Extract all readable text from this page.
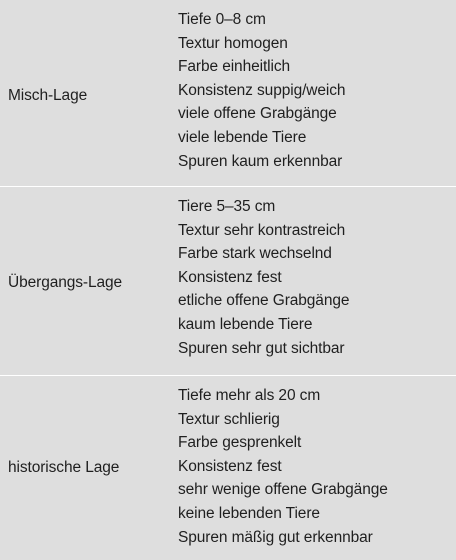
Misch-Lage
Tiefe 0–8 cm
Textur homogen
Farbe einheitlich
Konsistenz suppig/weich
viele offene Grabgänge
viele lebende Tiere
Spuren kaum erkennbar
Übergangs-Lage
Tiere 5–35 cm
Textur sehr kontrastreich
Farbe stark wechselnd
Konsistenz fest
etliche offene Grabgänge
kaum lebende Tiere
Spuren sehr gut sichtbar
historische Lage
Tiefe mehr als 20 cm
Textur schlierig
Farbe gesprenkelt
Konsistenz fest
sehr wenige offene Grabgänge
keine lebenden Tiere
Spuren mäßig gut erkennbar
